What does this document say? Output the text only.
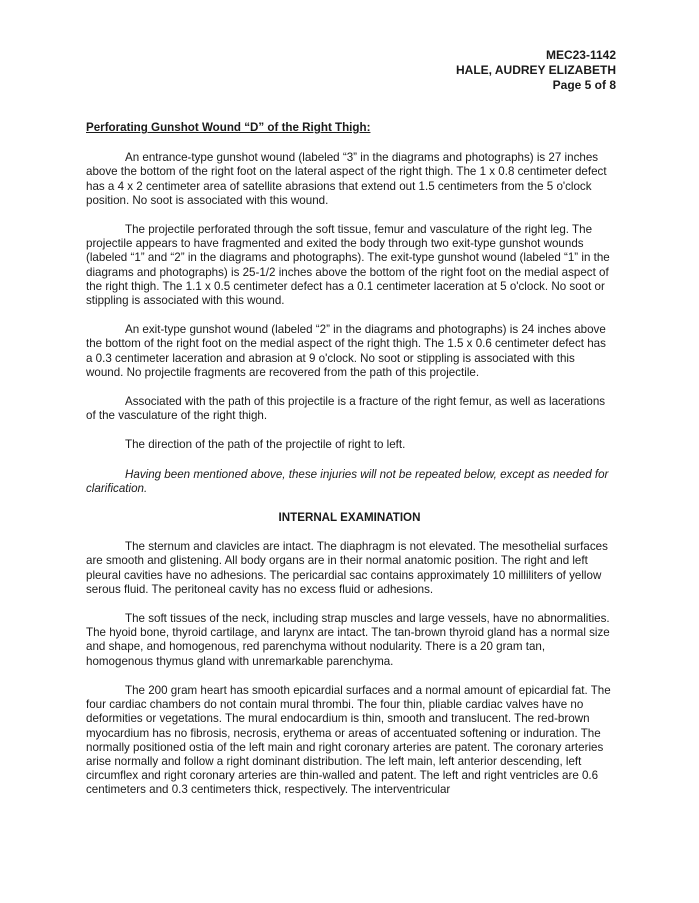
MEC23-1142
HALE, AUDREY ELIZABETH
Page 5 of 8
Perforating Gunshot Wound “D” of the Right Thigh:

An entrance-type gunshot wound (labeled “3” in the diagrams and photographs) is 27 inches above the bottom of the right foot on the lateral aspect of the right thigh. The 1 x 0.8 centimeter defect has a 4 x 2 centimeter area of satellite abrasions that extend out 1.5 centimeters from the 5 o'clock position. No soot is associated with this wound.

The projectile perforated through the soft tissue, femur and vasculature of the right leg. The projectile appears to have fragmented and exited the body through two exit-type gunshot wounds (labeled “1” and “2” in the diagrams and photographs). The exit-type gunshot wound (labeled “1” in the diagrams and photographs) is 25-1/2 inches above the bottom of the right foot on the medial aspect of the right thigh. The 1.1 x 0.5 centimeter defect has a 0.1 centimeter laceration at 5 o'clock. No soot or stippling is associated with this wound.

An exit-type gunshot wound (labeled “2” in the diagrams and photographs) is 24 inches above the bottom of the right foot on the medial aspect of the right thigh. The 1.5 x 0.6 centimeter defect has a 0.3 centimeter laceration and abrasion at 9 o'clock. No soot or stippling is associated with this wound. No projectile fragments are recovered from the path of this projectile.

Associated with the path of this projectile is a fracture of the right femur, as well as lacerations of the vasculature of the right thigh.

The direction of the path of the projectile of right to left.

Having been mentioned above, these injuries will not be repeated below, except as needed for clarification.

INTERNAL EXAMINATION

The sternum and clavicles are intact. The diaphragm is not elevated. The mesothelial surfaces are smooth and glistening. All body organs are in their normal anatomic position. The right and left pleural cavities have no adhesions. The pericardial sac contains approximately 10 milliliters of yellow serous fluid. The peritoneal cavity has no excess fluid or adhesions.

The soft tissues of the neck, including strap muscles and large vessels, have no abnormalities. The hyoid bone, thyroid cartilage, and larynx are intact. The tan-brown thyroid gland has a normal size and shape, and homogenous, red parenchyma without nodularity. There is a 20 gram tan, homogenous thymus gland with unremarkable parenchyma.

The 200 gram heart has smooth epicardial surfaces and a normal amount of epicardial fat. The four cardiac chambers do not contain mural thrombi. The four thin, pliable cardiac valves have no deformities or vegetations. The mural endocardium is thin, smooth and translucent. The red-brown myocardium has no fibrosis, necrosis, erythema or areas of accentuated softening or induration. The normally positioned ostia of the left main and right coronary arteries are patent. The coronary arteries arise normally and follow a right dominant distribution. The left main, left anterior descending, left circumflex and right coronary arteries are thin-walled and patent. The left and right ventricles are 0.6 centimeters and 0.3 centimeters thick, respectively. The interventricular
